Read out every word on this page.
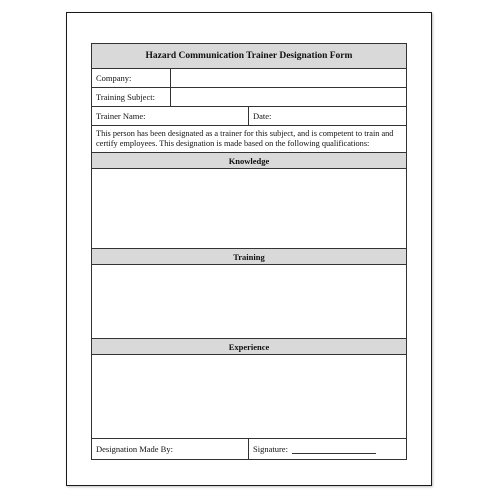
Hazard Communication Trainer Designation Form
Company:
Training Subject:
Trainer Name:	Date:
This person has been designated as a trainer for this subject, and is competent to train and certify employees. This designation is made based on the following qualifications:
Knowledge
Training
Experience
Designation Made By:	Signature:
